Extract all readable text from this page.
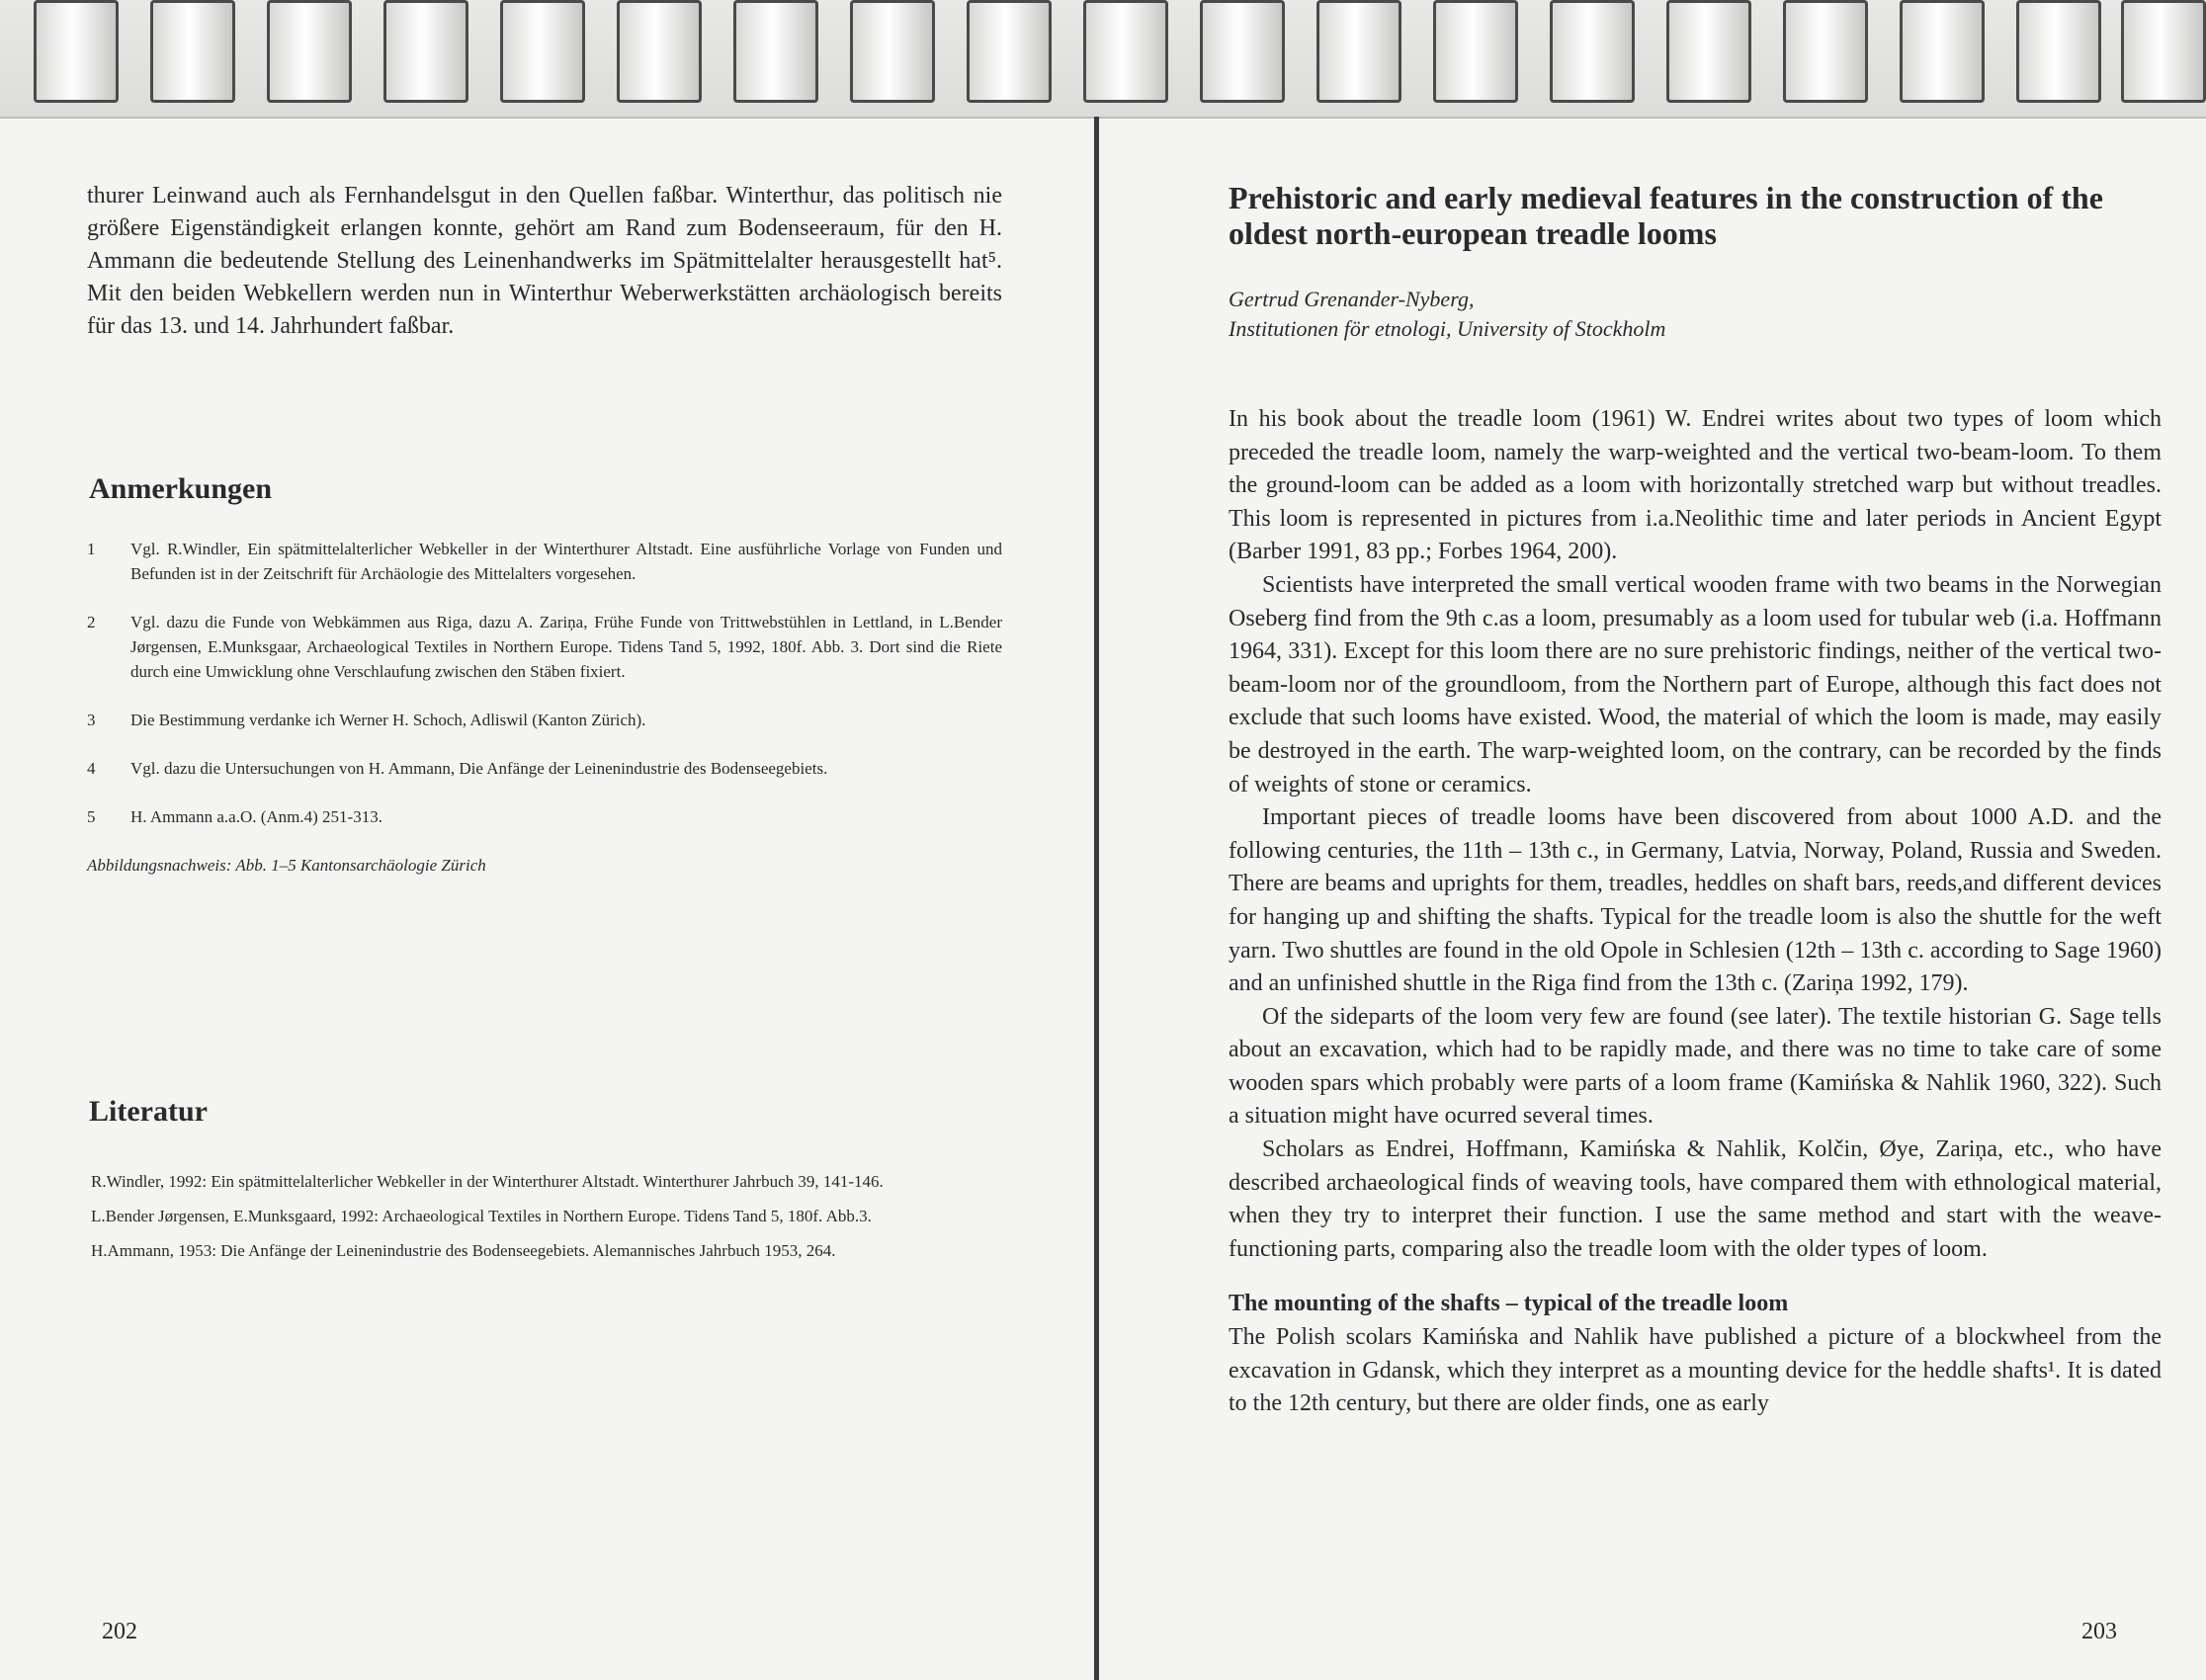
thurer Leinwand auch als Fernhandelsgut in den Quellen faßbar. Winterthur, das politisch nie größere Eigenständigkeit erlangen konnte, gehört am Rand zum Bodenseeraum, für den H. Ammann die bedeutende Stellung des Leinenhandwerks im Spätmittelalter herausgestellt hat⁵. Mit den beiden Webkellern werden nun in Winterthur Weberwerkstätten archäologisch bereits für das 13. und 14. Jahrhundert faßbar.

Anmerkungen
1	Vgl. R.Windler, Ein spätmittelalterlicher Webkeller in der Winterthurer Altstadt. Eine ausführliche Vorlage von Funden und Befunden ist in der Zeitschrift für Archäologie des Mittelalters vorgesehen.
2	Vgl. dazu die Funde von Webkämmen aus Riga, dazu A. Zariņa, Frühe Funde von Trittwebstühlen in Lettland, in L.Bender Jørgensen, E.Munksgaar, Archaeological Textiles in Northern Europe. Tidens Tand 5, 1992, 180f. Abb. 3. Dort sind die Riete durch eine Umwicklung ohne Verschlaufung zwischen den Stäben fixiert.
3	Die Bestimmung verdanke ich Werner H. Schoch, Adliswil (Kanton Zürich).
4	Vgl. dazu die Untersuchungen von H. Ammann, Die Anfänge der Leinenindustrie des Bodenseegebiets.
5	H. Ammann a.a.O. (Anm.4) 251-313.

Abbildungsnachweis: Abb. 1–5 Kantonsarchäologie Zürich

Literatur

R.Windler, 1992: Ein spätmittelalterlicher Webkeller in der Winterthurer Altstadt. Winterthurer Jahrbuch 39, 141-146.

L.Bender Jørgensen, E.Munksgaard, 1992: Archaeological Textiles in Northern Europe. Tidens Tand 5, 180f. Abb.3.

H.Ammann, 1953: Die Anfänge der Leinenindustrie des Bodenseegebiets. Alemannisches Jahrbuch 1953, 264.

202
Prehistoric and early medieval features in the construction of the oldest north-european treadle looms
Gertrud Grenander-Nyberg,
Institutionen för etnologi, University of Stockholm

In his book about the treadle loom (1961) W. Endrei writes about two types of loom which preceded the treadle loom, namely the warp-weighted and the vertical two-beam-loom. To them the ground-loom can be added as a loom with horizontally stretched warp but without treadles. This loom is represented in pictures from i.a.Neolithic time and later periods in Ancient Egypt (Barber 1991, 83 pp.; Forbes 1964, 200).

Scientists have interpreted the small vertical wooden frame with two beams in the Norwegian Oseberg find from the 9th c.as a loom, presumably as a loom used for tubular web (i.a. Hoffmann 1964, 331). Except for this loom there are no sure prehistoric findings, neither of the vertical two-beam-loom nor of the groundloom, from the Northern part of Europe, although this fact does not exclude that such looms have existed. Wood, the material of which the loom is made, may easily be destroyed in the earth. The warp-weighted loom, on the contrary, can be recorded by the finds of weights of stone or ceramics.

Important pieces of treadle looms have been discovered from about 1000 A.D. and the following centuries, the 11th – 13th c., in Germany, Latvia, Norway, Poland, Russia and Sweden. There are beams and uprights for them, treadles, heddles on shaft bars, reeds,and different devices for hanging up and shifting the shafts. Typical for the treadle loom is also the shuttle for the weft yarn. Two shuttles are found in the old Opole in Schlesien (12th – 13th c. according to Sage 1960) and an unfinished shuttle in the Riga find from the 13th c. (Zariņa 1992, 179).

Of the sideparts of the loom very few are found (see later). The textile historian G. Sage tells about an excavation, which had to be rapidly made, and there was no time to take care of some wooden spars which probably were parts of a loom frame (Kamińska & Nahlik 1960, 322). Such a situation might have ocurred several times.

Scholars as Endrei, Hoffmann, Kamińska & Nahlik, Kolčin, Øye, Zariņa, etc., who have described archaeological finds of weaving tools, have compared them with ethnological material, when they try to interpret their function. I use the same method and start with the weave-functioning parts, comparing also the treadle loom with the older types of loom.

The mounting of the shafts – typical of the treadle loom

The Polish scolars Kamińska and Nahlik have published a picture of a blockwheel from the excavation in Gdansk, which they interpret as a mounting device for the heddle shafts¹. It is dated to the 12th century, but there are older finds, one as early

203
